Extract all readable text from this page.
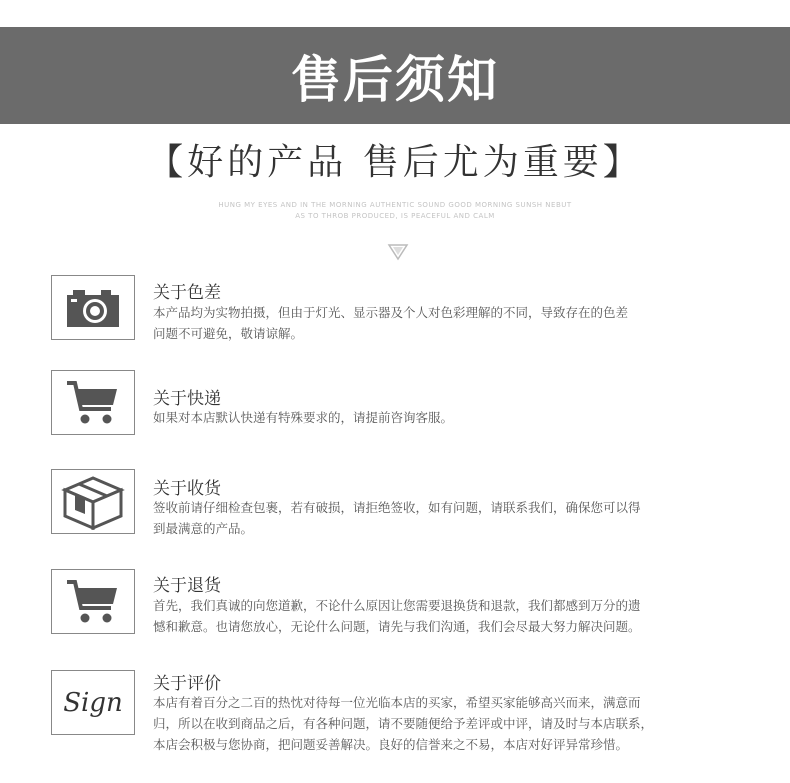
售后须知
【好的产品 售后尤为重要】
HUNG MY EYES AND IN THE MORNING AUTHENTIC SOUND GOOD MORNING SUNSH NEBUT
AS TO THROB PRODUCED, IS PEACEFUL AND CALM
关于色差
本产品均为实物拍摄，但由于灯光、显示器及个人对色彩理解的不同，导致存在的色差
问题不可避免，敬请谅解。
关于快递
如果对本店默认快递有特殊要求的，请提前咨询客服。
关于收货
签收前请仔细检查包裹，若有破损，请拒绝签收，如有问题，请联系我们，确保您可以得
到最满意的产品。
关于退货
首先，我们真诚的向您道歉，不论什么原因让您需要退换货和退款，我们都感到万分的遗
憾和歉意。也请您放心，无论什么问题，请先与我们沟通，我们会尽最大努力解决问题。
Sign
关于评价
本店有着百分之二百的热忱对待每一位光临本店的买家，希望买家能够高兴而来，满意而
归，所以在收到商品之后，有各种问题，请不要随便给予差评或中评，请及时与本店联系，
本店会积极与您协商，把问题妥善解决。良好的信誉来之不易，本店对好评异常珍惜。
